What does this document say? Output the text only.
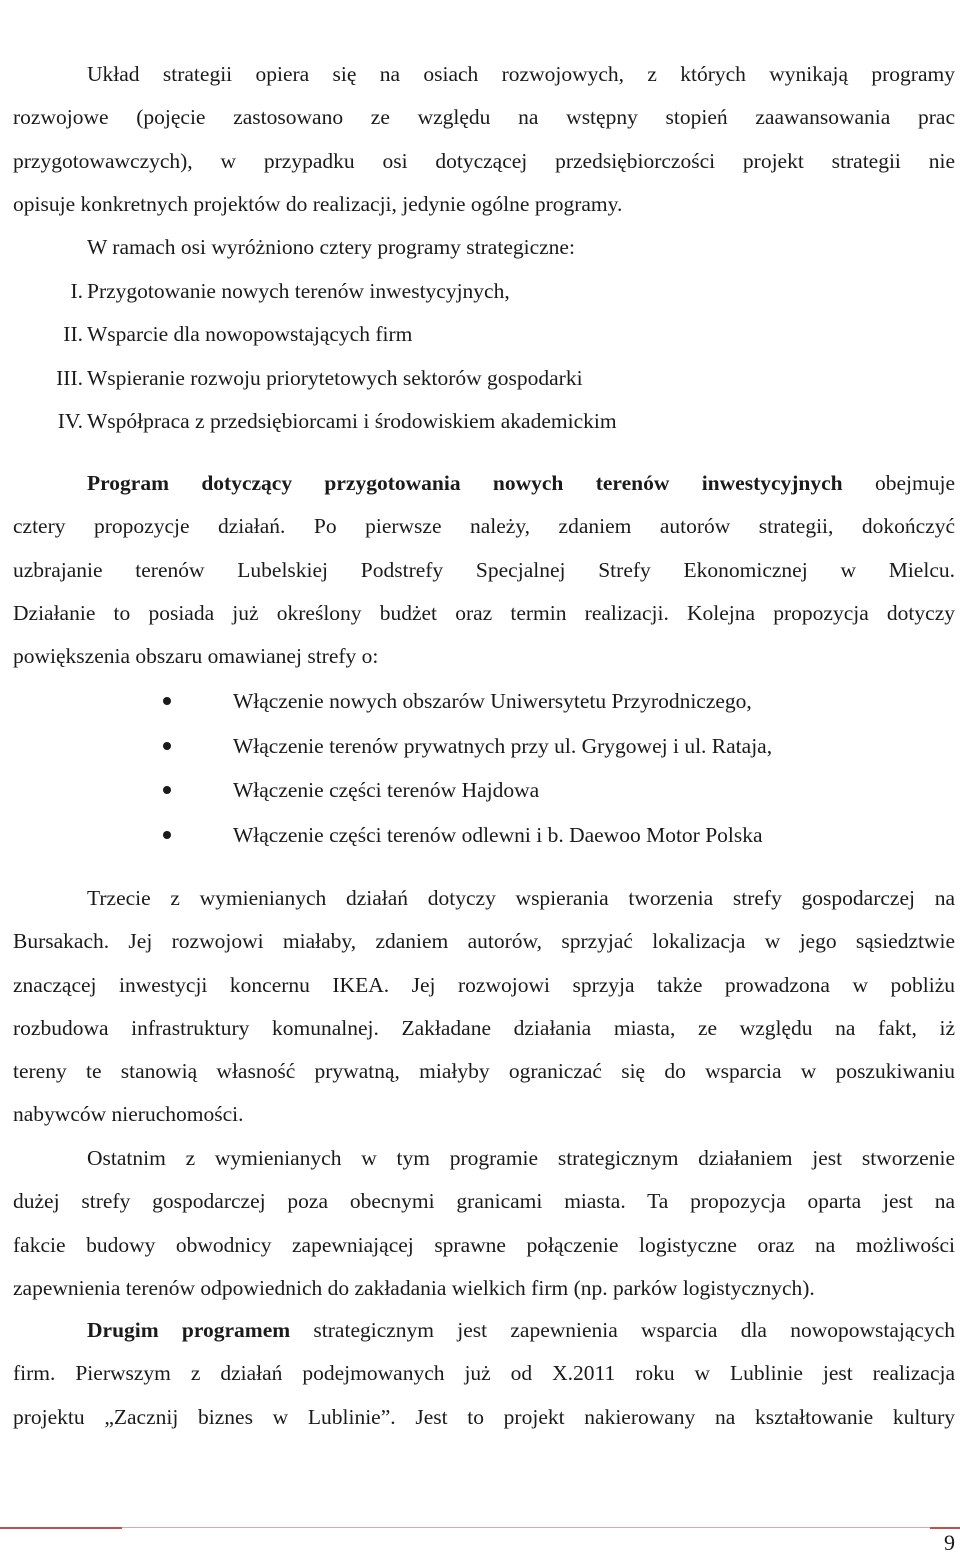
Układ strategii opiera się na osiach rozwojowych, z których wynikają programy
rozwojowe (pojęcie zastosowano ze względu na wstępny stopień zaawansowania prac
przygotowawczych), w przypadku osi dotyczącej przedsiębiorczości projekt strategii nie
opisuje konkretnych projektów do realizacji, jedynie ogólne programy.
W ramach osi wyróżniono cztery programy strategiczne:
I. Przygotowanie nowych terenów inwestycyjnych,
II. Wsparcie dla nowopowstających firm
III. Wspieranie rozwoju priorytetowych sektorów gospodarki
IV. Współpraca z przedsiębiorcami i środowiskiem akademickim
Program dotyczący przygotowania nowych terenów inwestycyjnych obejmuje
cztery propozycje działań. Po pierwsze należy, zdaniem autorów strategii, dokończyć
uzbrajanie terenów Lubelskiej Podstrefy Specjalnej Strefy Ekonomicznej w Mielcu.
Działanie to posiada już określony budżet oraz termin realizacji. Kolejna propozycja dotyczy
powiększenia obszaru omawianej strefy o:
Włączenie nowych obszarów Uniwersytetu Przyrodniczego,
Włączenie terenów prywatnych przy ul. Grygowej i ul. Rataja,
Włączenie części terenów Hajdowa
Włączenie części terenów odlewni i b. Daewoo Motor Polska
Trzecie z wymienianych działań dotyczy wspierania tworzenia strefy gospodarczej na
Bursakach. Jej rozwojowi miałaby, zdaniem autorów, sprzyjać lokalizacja w jego sąsiedztwie
znaczącej inwestycji koncernu IKEA. Jej rozwojowi sprzyja także prowadzona w pobliżu
rozbudowa infrastruktury komunalnej. Zakładane działania miasta, ze względu na fakt, iż
tereny te stanowią własność prywatną, miałyby ograniczać się do wsparcia w poszukiwaniu
nabywców nieruchomości.
Ostatnim z wymienianych w tym programie strategicznym działaniem jest stworzenie
dużej strefy gospodarczej poza obecnymi granicami miasta. Ta propozycja oparta jest na
fakcie budowy obwodnicy zapewniającej sprawne połączenie logistyczne oraz na możliwości
zapewnienia terenów odpowiednich do zakładania wielkich firm (np. parków logistycznych).
Drugim programem strategicznym jest zapewnienia wsparcia dla nowopowstających
firm. Pierwszym z działań podejmowanych już od X.2011 roku w Lublinie jest realizacja
projektu „Zacznij biznes w Lublinie”. Jest to projekt nakierowany na kształtowanie kultury
9
